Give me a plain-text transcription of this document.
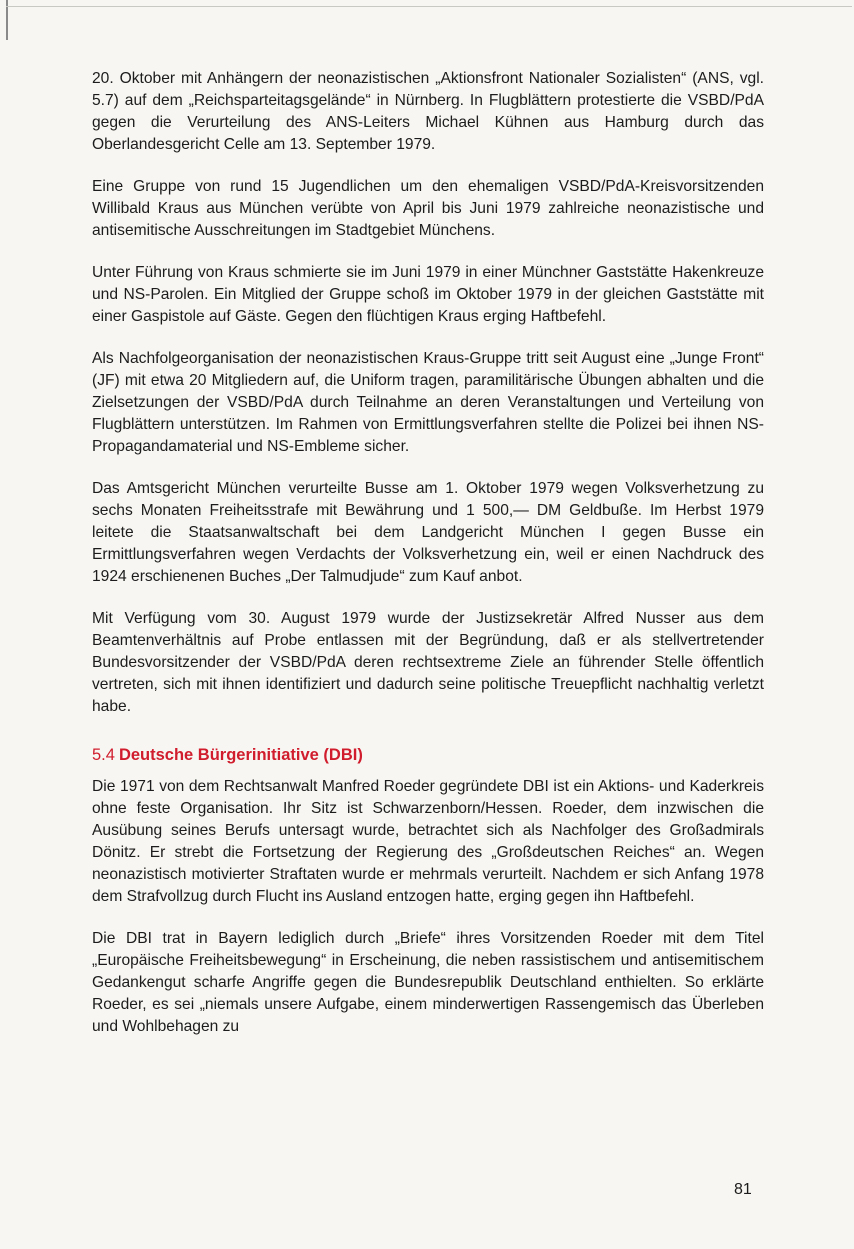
20. Oktober mit Anhängern der neonazistischen „Aktionsfront Nationaler Sozialisten“ (ANS, vgl. 5.7) auf dem „Reichsparteitagsgelände“ in Nürnberg. In Flugblättern protestierte die VSBD/PdA gegen die Verurteilung des ANS-Leiters Michael Kühnen aus Hamburg durch das Oberlandesgericht Celle am 13. September 1979.

Eine Gruppe von rund 15 Jugendlichen um den ehemaligen VSBD/PdA-Kreisvorsitzenden Willibald Kraus aus München verübte von April bis Juni 1979 zahlreiche neonazistische und antisemitische Ausschreitungen im Stadtgebiet Münchens.

Unter Führung von Kraus schmierte sie im Juni 1979 in einer Münchner Gaststätte Hakenkreuze und NS-Parolen. Ein Mitglied der Gruppe schoß im Oktober 1979 in der gleichen Gaststätte mit einer Gaspistole auf Gäste. Gegen den flüchtigen Kraus erging Haftbefehl.

Als Nachfolgeorganisation der neonazistischen Kraus-Gruppe tritt seit August eine „Junge Front“ (JF) mit etwa 20 Mitgliedern auf, die Uniform tragen, paramilitärische Übungen abhalten und die Zielsetzungen der VSBD/PdA durch Teilnahme an deren Veranstaltungen und Verteilung von Flugblättern unterstützen. Im Rahmen von Ermittlungsverfahren stellte die Polizei bei ihnen NS-Propagandamaterial und NS-Embleme sicher.

Das Amtsgericht München verurteilte Busse am 1. Oktober 1979 wegen Volksverhetzung zu sechs Monaten Freiheitsstrafe mit Bewährung und 1 500,— DM Geldbuße. Im Herbst 1979 leitete die Staatsanwaltschaft bei dem Landgericht München I gegen Busse ein Ermittlungsverfahren wegen Verdachts der Volksverhetzung ein, weil er einen Nachdruck des 1924 erschienenen Buches „Der Talmudjude“ zum Kauf anbot.

Mit Verfügung vom 30. August 1979 wurde der Justizsekretär Alfred Nusser aus dem Beamtenverhältnis auf Probe entlassen mit der Begründung, daß er als stellvertretender Bundesvorsitzender der VSBD/PdA deren rechtsextreme Ziele an führender Stelle öffentlich vertreten, sich mit ihnen identifiziert und dadurch seine politische Treuepflicht nachhaltig verletzt habe.

5.4 Deutsche Bürgerinitiative (DBI)

Die 1971 von dem Rechtsanwalt Manfred Roeder gegründete DBI ist ein Aktions- und Kaderkreis ohne feste Organisation. Ihr Sitz ist Schwarzenborn/Hessen. Roeder, dem inzwischen die Ausübung seines Berufs untersagt wurde, betrachtet sich als Nachfolger des Großadmirals Dönitz. Er strebt die Fortsetzung der Regierung des „Großdeutschen Reiches“ an. Wegen neonazistisch motivierter Straftaten wurde er mehrmals verurteilt. Nachdem er sich Anfang 1978 dem Strafvollzug durch Flucht ins Ausland entzogen hatte, erging gegen ihn Haftbefehl.

Die DBI trat in Bayern lediglich durch „Briefe“ ihres Vorsitzenden Roeder mit dem Titel „Europäische Freiheitsbewegung“ in Erscheinung, die neben rassistischem und antisemitischem Gedankengut scharfe Angriffe gegen die Bundesrepublik Deutschland enthielten. So erklärte Roeder, es sei „niemals unsere Aufgabe, einem minderwertigen Rassengemisch das Überleben und Wohlbehagen zu

81
